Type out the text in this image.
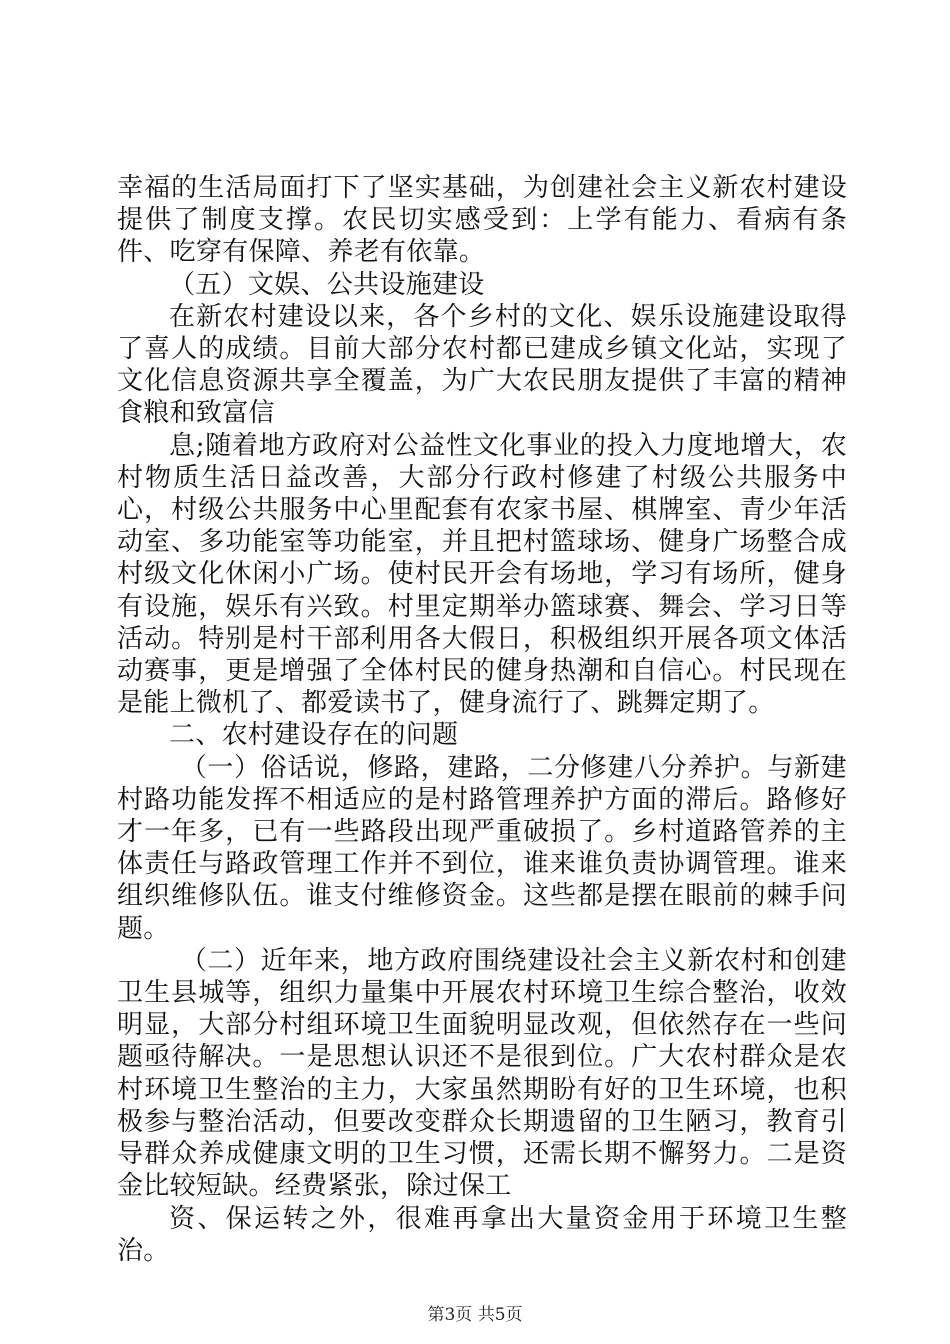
幸福的生活局面打下了坚实基础，为创建社会主义新农村建设提供了制度支撑。农民切实感受到：上学有能力、看病有条件、吃穿有保障、养老有依靠。

（五）文娱、公共设施建设

在新农村建设以来，各个乡村的文化、娱乐设施建设取得了喜人的成绩。目前大部分农村都已建成乡镇文化站，实现了文化信息资源共享全覆盖，为广大农民朋友提供了丰富的精神食粮和致富信

息;随着地方政府对公益性文化事业的投入力度地增大，农村物质生活日益改善，大部分行政村修建了村级公共服务中心，村级公共服务中心里配套有农家书屋、棋牌室、青少年活动室、多功能室等功能室，并且把村篮球场、健身广场整合成村级文化休闲小广场。使村民开会有场地，学习有场所，健身有设施，娱乐有兴致。村里定期举办篮球赛、舞会、学习日等活动。特别是村干部利用各大假日，积极组织开展各项文体活动赛事，更是增强了全体村民的健身热潮和自信心。村民现在是能上微机了、都爱读书了，健身流行了、跳舞定期了。

二、农村建设存在的问题

（一）俗话说，修路，建路，二分修建八分养护。与新建村路功能发挥不相适应的是村路管理养护方面的滞后。路修好才一年多，已有一些路段出现严重破损了。乡村道路管养的主体责任与路政管理工作并不到位，谁来谁负责协调管理。谁来组织维修队伍。谁支付维修资金。这些都是摆在眼前的棘手问题。

（二）近年来，地方政府围绕建设社会主义新农村和创建卫生县城等，组织力量集中开展农村环境卫生综合整治，收效明显，大部分村组环境卫生面貌明显改观，但依然存在一些问题亟待解决。一是思想认识还不是很到位。广大农村群众是农村环境卫生整治的主力，大家虽然期盼有好的卫生环境，也积极参与整治活动，但要改变群众长期遗留的卫生陋习，教育引导群众养成健康文明的卫生习惯，还需长期不懈努力。二是资金比较短缺。经费紧张，除过保工

资、保运转之外，很难再拿出大量资金用于环境卫生整治。

第3页 共5页
